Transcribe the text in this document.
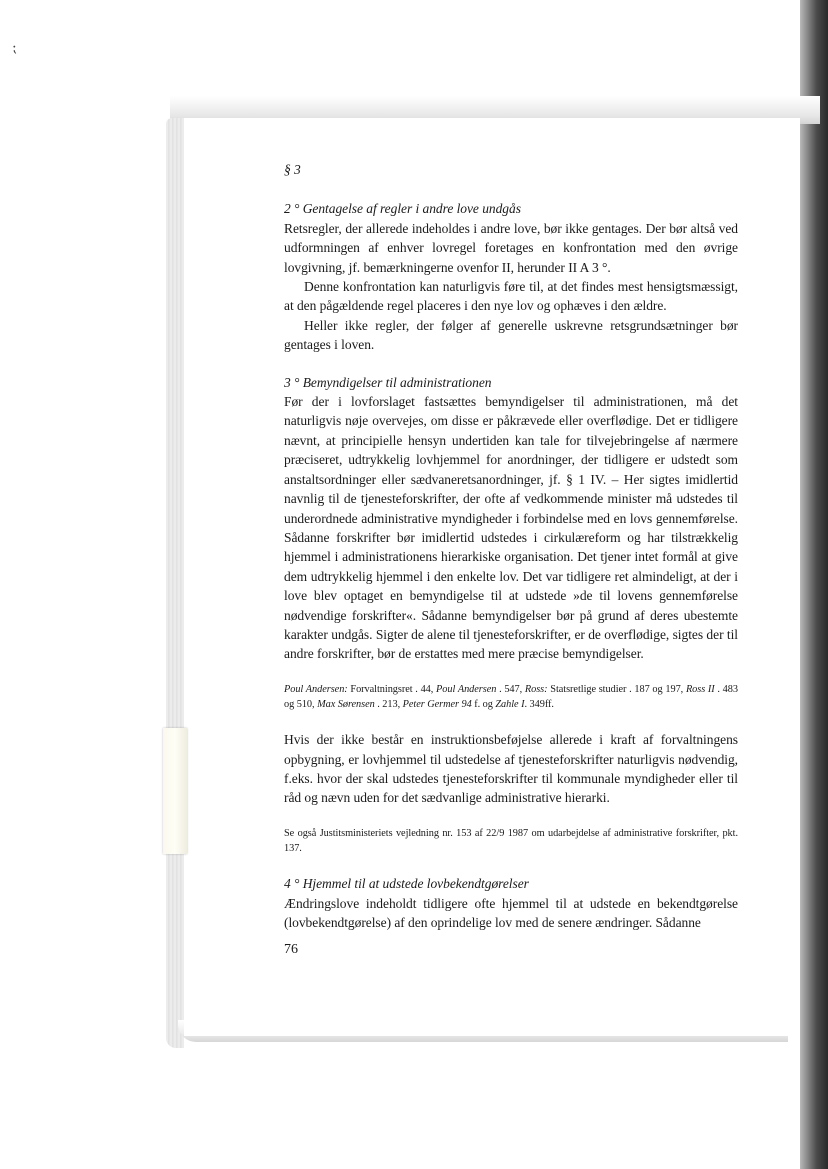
⁏

§ 3

2 ° Gentagelse af regler i andre love undgås

Retsregler, der allerede indeholdes i andre love, bør ikke gentages. Der bør altså ved udformningen af enhver lovregel foretages en konfrontation med den øvrige lovgivning, jf. bemærkningerne ovenfor II, herunder II A 3 °.

Denne konfrontation kan naturligvis føre til, at det findes mest hensigtsmæssigt, at den pågældende regel placeres i den nye lov og ophæves i den ældre.

Heller ikke regler, der følger af generelle uskrevne retsgrundsætninger bør gentages i loven.

3 ° Bemyndigelser til administrationen

Før der i lovforslaget fastsættes bemyndigelser til administrationen, må det naturligvis nøje overvejes, om disse er påkrævede eller overflødige. Det er tidligere nævnt, at principielle hensyn undertiden kan tale for tilvejebringelse af nærmere præciseret, udtrykkelig lovhjemmel for anordninger, der tidligere er udstedt som anstaltsordninger eller sædvaneretsanordninger, jf. § 1 IV. – Her sigtes imidlertid navnlig til de tjenesteforskrifter, der ofte af vedkommende minister må udstedes til underordnede administrative myndigheder i forbindelse med en lovs gennemførelse. Sådanne forskrifter bør imidlertid udstedes i cirkulæreform og har tilstrækkelig hjemmel i administrationens hierarkiske organisation. Det tjener intet formål at give dem udtrykkelig hjemmel i den enkelte lov. Det var tidligere ret almindeligt, at der i love blev optaget en bemyndigelse til at udstede »de til lovens gennemførelse nødvendige forskrifter«. Sådanne bemyndigelser bør på grund af deres ubestemte karakter undgås. Sigter de alene til tjenesteforskrifter, er de overflødige, sigtes der til andre forskrifter, bør de erstattes med mere præcise bemyndigelser.

Poul Andersen: Forvaltningsret . 44, Poul Andersen . 547, Ross: Statsretlige studier . 187 og 197, Ross II . 483 og 510, Max Sørensen . 213, Peter Germer 94 f. og Zahle I. 349ff.

Hvis der ikke består en instruktionsbeføjelse allerede i kraft af forvaltningens opbygning, er lovhjemmel til udstedelse af tjenesteforskrifter naturligvis nødvendig, f.eks. hvor der skal udstedes tjenesteforskrifter til kommunale myndigheder eller til råd og nævn uden for det sædvanlige administrative hierarki.

Se også Justitsministeriets vejledning nr. 153 af 22/9 1987 om udarbejdelse af administrative forskrifter, pkt. 137.

4 ° Hjemmel til at udstede lovbekendtgørelser

Ændringslove indeholdt tidligere ofte hjemmel til at udstede en bekendtgørelse (lovbekendtgørelse) af den oprindelige lov med de senere ændringer. Sådanne

76
